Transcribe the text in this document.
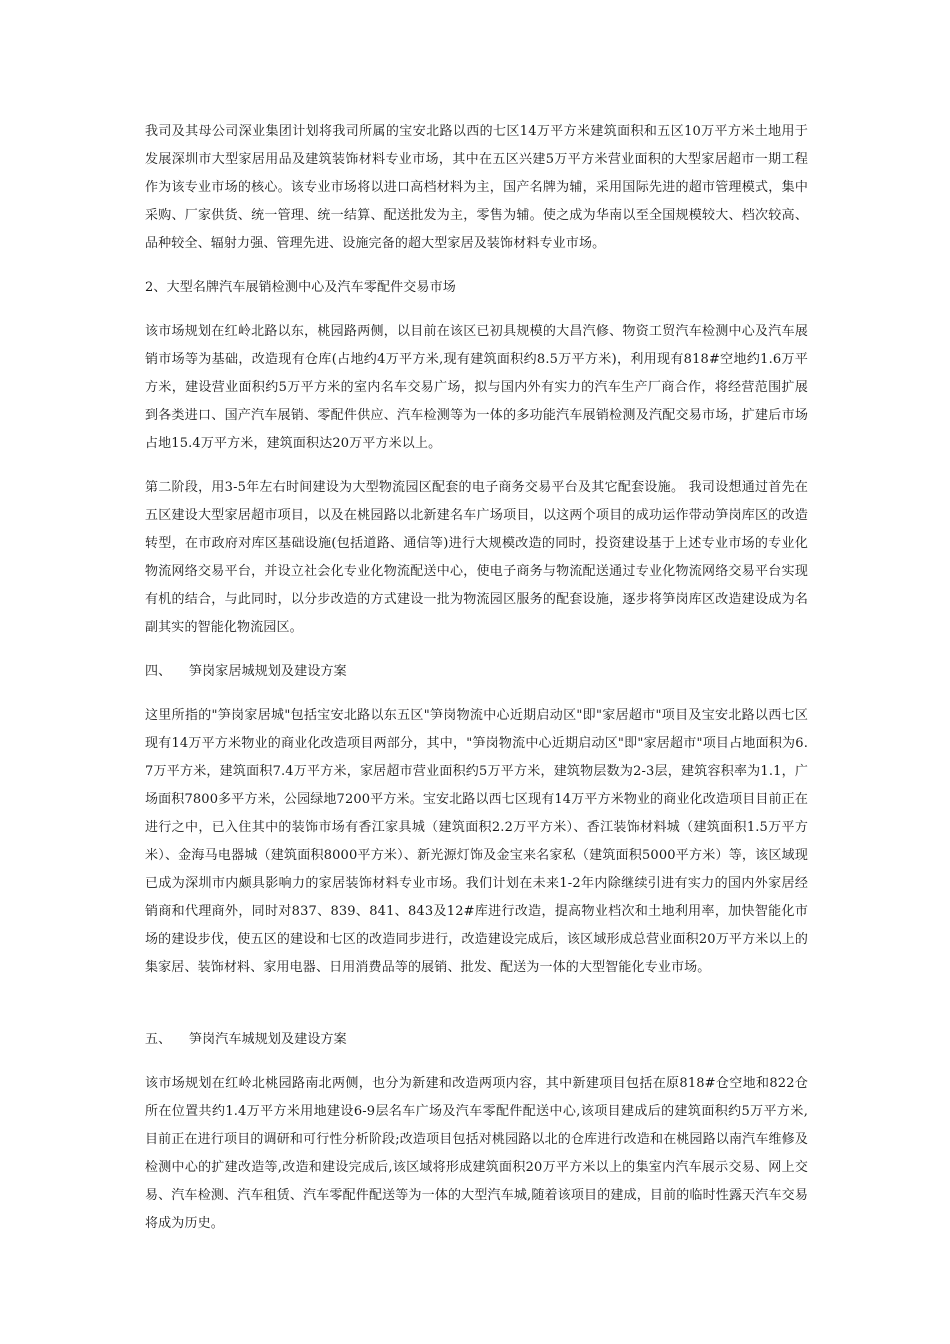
我司及其母公司深业集团计划将我司所属的宝安北路以西的七区14万平方米建筑面积和五区10万平方米土地用于发展深圳市大型家居用品及建筑装饰材料专业市场，其中在五区兴建5万平方米营业面积的大型家居超市一期工程作为该专业市场的核心。该专业市场将以进口高档材料为主，国产名牌为辅，采用国际先进的超市管理模式，集中采购、厂家供货、统一管理、统一结算、配送批发为主，零售为辅。使之成为华南以至全国规模较大、档次较高、品种较全、辐射力强、管理先进、设施完备的超大型家居及装饰材料专业市场。

2、大型名牌汽车展销检测中心及汽车零配件交易市场

该市场规划在红岭北路以东，桃园路两侧，以目前在该区已初具规模的大昌汽修、物资工贸汽车检测中心及汽车展销市场等为基础，改造现有仓库(占地约4万平方米,现有建筑面积约8.5万平方米)，利用现有818#空地约1.6万平方米，建设营业面积约5万平方米的室内名车交易广场，拟与国内外有实力的汽车生产厂商合作，将经营范围扩展到各类进口、国产汽车展销、零配件供应、汽车检测等为一体的多功能汽车展销检测及汽配交易市场，扩建后市场占地15.4万平方米，建筑面积达20万平方米以上。

第二阶段，用3-5年左右时间建设为大型物流园区配套的电子商务交易平台及其它配套设施。 我司设想通过首先在五区建设大型家居超市项目，以及在桃园路以北新建名车广场项目，以这两个项目的成功运作带动笋岗库区的改造转型，在市政府对库区基础设施(包括道路、通信等)进行大规模改造的同时，投资建设基于上述专业市场的专业化物流网络交易平台，并设立社会化专业化物流配送中心，使电子商务与物流配送通过专业化物流网络交易平台实现有机的结合，与此同时，以分步改造的方式建设一批为物流园区服务的配套设施，逐步将笋岗库区改造建设成为名副其实的智能化物流园区。

四、 笋岗家居城规划及建设方案

这里所指的"笋岗家居城"包括宝安北路以东五区"笋岗物流中心近期启动区"即"家居超市"项目及宝安北路以西七区现有14万平方米物业的商业化改造项目两部分，其中，"笋岗物流中心近期启动区"即"家居超市"项目占地面积为6.7万平方米，建筑面积7.4万平方米，家居超市营业面积约5万平方米，建筑物层数为2-3层，建筑容积率为1.1，广场面积7800多平方米，公园绿地7200平方米。宝安北路以西七区现有14万平方米物业的商业化改造项目目前正在进行之中，已入住其中的装饰市场有香江家具城（建筑面积2.2万平方米）、香江装饰材料城（建筑面积1.5万平方米）、金海马电器城（建筑面积8000平方米）、新光源灯饰及金宝来名家私（建筑面积5000平方米）等，该区域现已成为深圳市内颇具影响力的家居装饰材料专业市场。我们计划在未来1-2年内除继续引进有实力的国内外家居经销商和代理商外，同时对837、839、841、843及12#库进行改造，提高物业档次和土地利用率，加快智能化市场的建设步伐，使五区的建设和七区的改造同步进行，改造建设完成后，该区域形成总营业面积20万平方米以上的集家居、装饰材料、家用电器、日用消费品等的展销、批发、配送为一体的大型智能化专业市场。

五、 笋岗汽车城规划及建设方案

该市场规划在红岭北桃园路南北两侧，也分为新建和改造两项内容，其中新建项目包括在原818#仓空地和822仓所在位置共约1.4万平方米用地建设6-9层名车广场及汽车零配件配送中心,该项目建成后的建筑面积约5万平方米,目前正在进行项目的调研和可行性分析阶段;改造项目包括对桃园路以北的仓库进行改造和在桃园路以南汽车维修及检测中心的扩建改造等,改造和建设完成后,该区域将形成建筑面积20万平方米以上的集室内汽车展示交易、网上交易、汽车检测、汽车租赁、汽车零配件配送等为一体的大型汽车城,随着该项目的建成，目前的临时性露天汽车交易将成为历史。
